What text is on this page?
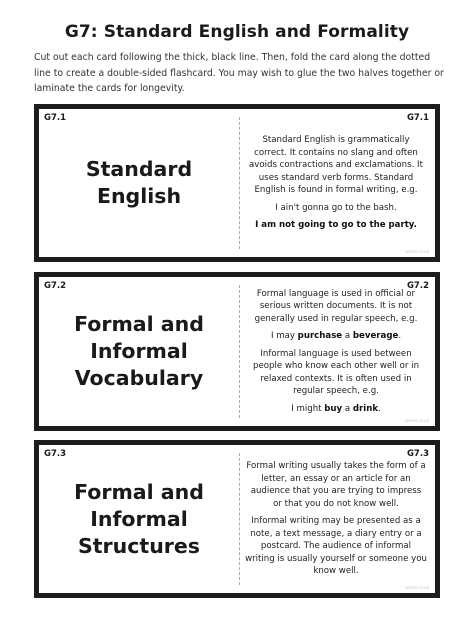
G7: Standard English and Formality

Cut out each card following the thick, black line. Then, fold the card along the dotted line to create a double-sided flashcard. You may wish to glue the two halves together or laminate the cards for longevity.

G7.1	G7.1
Standard English

Standard English is grammatically correct. It contains no slang and often avoids contractions and exclamations. It uses standard verb forms. Standard English is found in formal writing, e.g.

I ain't gonna go to the bash.

I am not going to go to the party.

twinkl.co.uk
G7.2	G7.2
Formal and Informal Vocabulary

Formal language is used in official or serious written documents. It is not generally used in regular speech, e.g.

I may purchase a beverage.

Informal language is used between people who know each other well or in relaxed contexts. It is often used in regular speech, e.g.

I might buy a drink.

twinkl.co.uk
G7.3	G7.3
Formal and Informal Structures

Formal writing usually takes the form of a letter, an essay or an article for an audience that you are trying to impress or that you do not know well.

Informal writing may be presented as a note, a text message, a diary entry or a postcard. The audience of informal writing is usually yourself or someone you know well.

twinkl.co.uk
